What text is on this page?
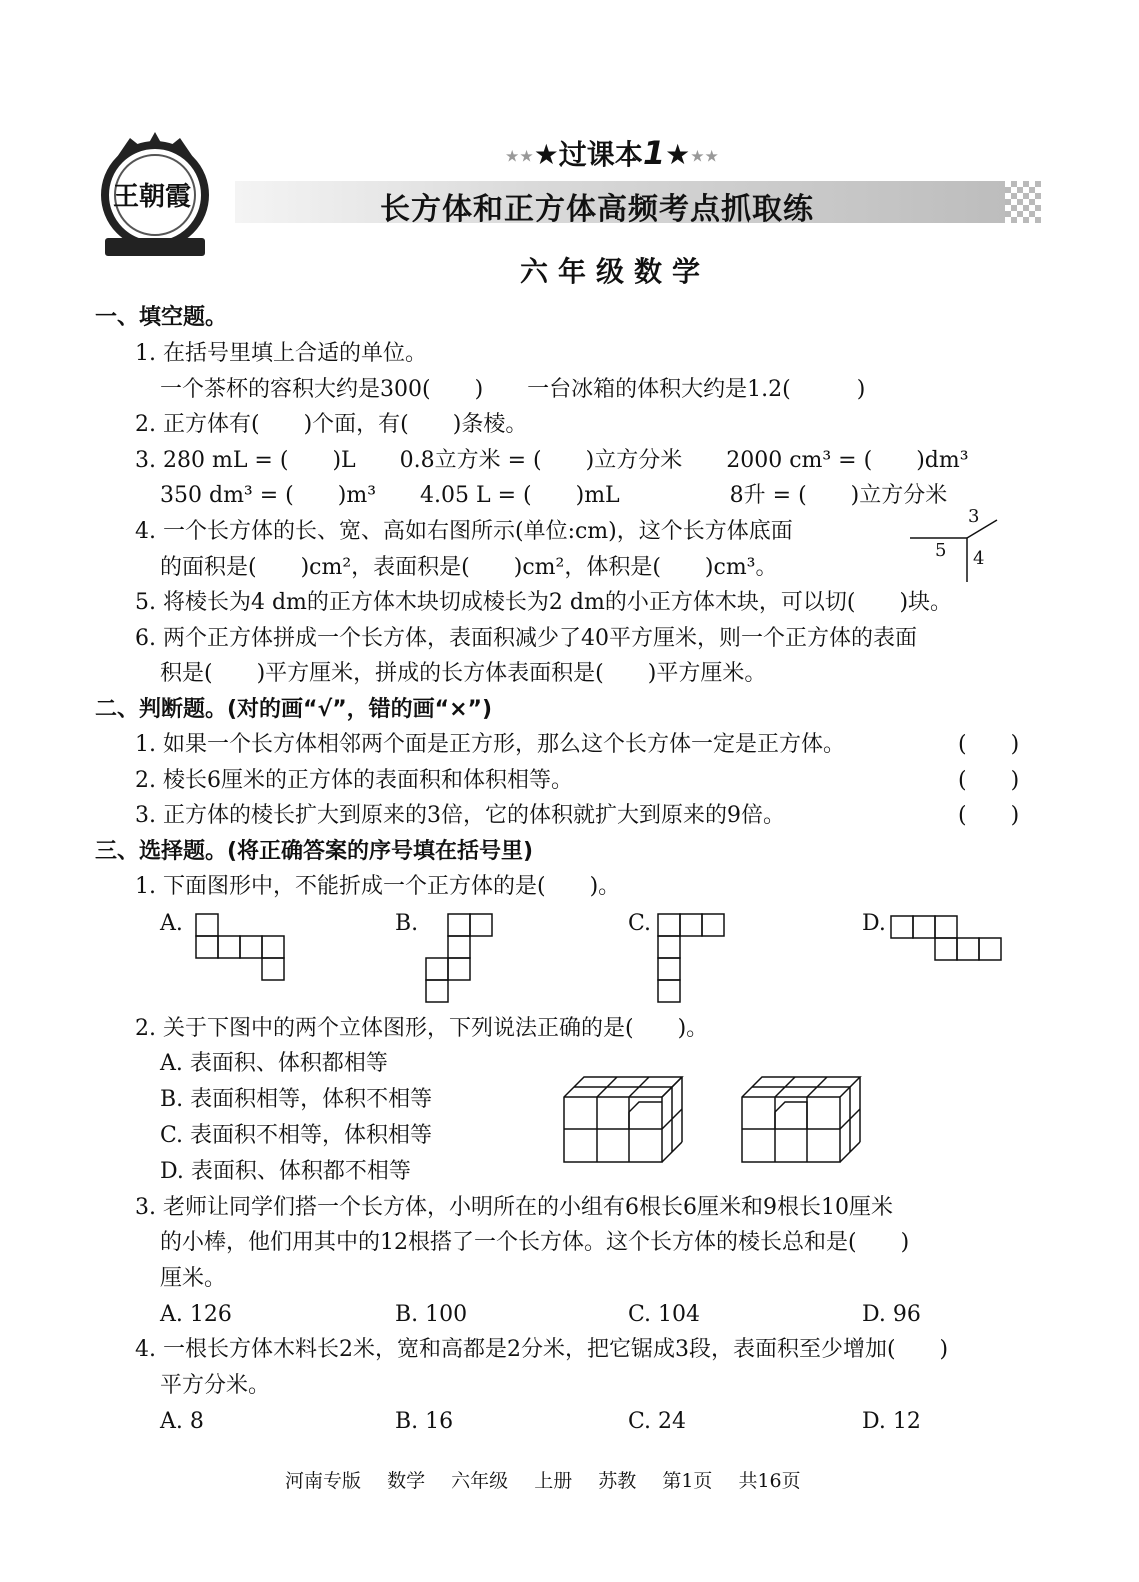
王朝霞
★★★过课本1★★★
长方体和正方体高频考点抓取练
六年级数学
一、填空题。
1. 在括号里填上合适的单位。
一个茶杯的容积大约是300(　　)　　一台冰箱的体积大约是1.2(　　　)
2. 正方体有(　　)个面，有(　　)条棱。
3. 280 mL = (　　)L　　0.8立方米 = (　　)立方分米　　2000 cm³ = (　　)dm³
350 dm³ = (　　)m³　　4.05 L = (　　)mL　　　　　8升 = (　　)立方分米
4. 一个长方体的长、宽、高如右图所示(单位:cm)，这个长方体底面
的面积是(　　)cm²，表面积是(　　)cm²，体积是(　　)cm³。
5
3
4
5. 将棱长为4 dm的正方体木块切成棱长为2 dm的小正方体木块，可以切(　　)块。
6. 两个正方体拼成一个长方体，表面积减少了40平方厘米，则一个正方体的表面
积是(　　)平方厘米，拼成的长方体表面积是(　　)平方厘米。
二、判断题。(对的画“√”，错的画“×”)
1. 如果一个长方体相邻两个面是正方形，那么这个长方体一定是正方体。	(　　)
2. 棱长6厘米的正方体的表面积和体积相等。	(　　)
3. 正方体的棱长扩大到原来的3倍，它的体积就扩大到原来的9倍。	(　　)
三、选择题。(将正确答案的序号填在括号里)
1. 下面图形中，不能折成一个正方体的是(　　)。
A.	B.	C.	D.
2. 关于下图中的两个立体图形，下列说法正确的是(　　)。
A. 表面积、体积都相等
B. 表面积相等，体积不相等
C. 表面积不相等，体积相等
D. 表面积、体积都不相等
3. 老师让同学们搭一个长方体，小明所在的小组有6根长6厘米和9根长10厘米
的小棒，他们用其中的12根搭了一个长方体。这个长方体的棱长总和是(　　)
厘米。
A. 126	B. 100	C. 104	D. 96
4. 一根长方体木料长2米，宽和高都是2分米，把它锯成3段，表面积至少增加(　　)
平方分米。
A. 8	B. 16	C. 24	D. 12
河南专版 数学 六年级 上册 苏教 第1页 共16页
